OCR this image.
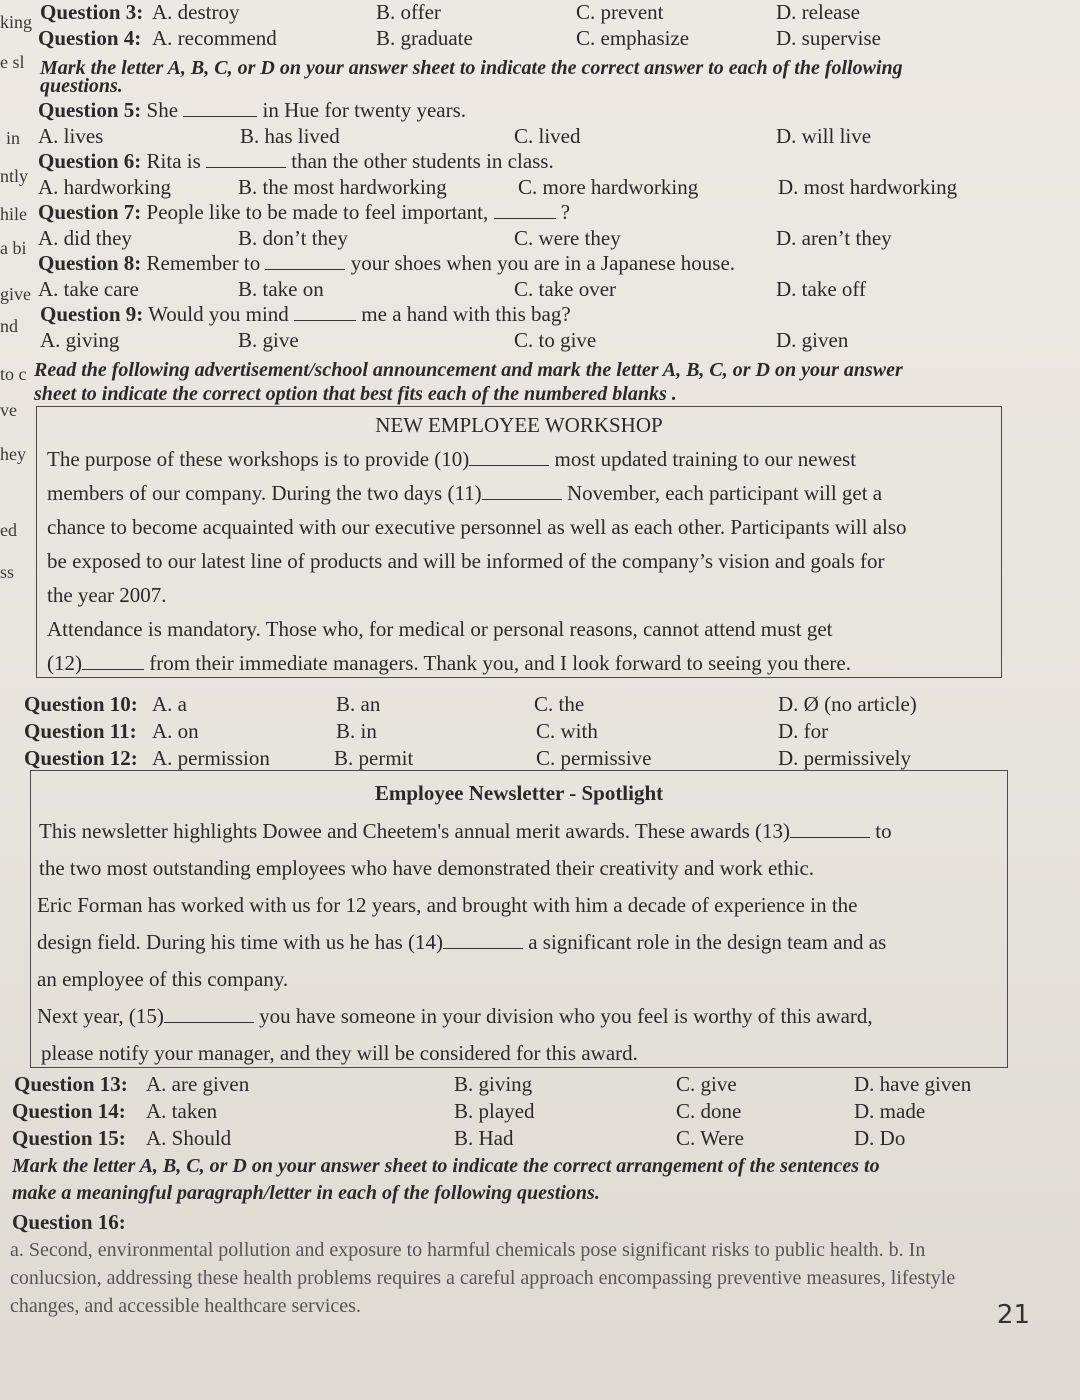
king
e sl
in
ntly
hile
a bi
give
nd
to c
ve
hey
ed
ss
Question 3: A. destroy	B. offer	C. prevent	D. release
Question 4: A. recommend	B. graduate	C. emphasize	D. supervise
Mark the letter A, B, C, or D on your answer sheet to indicate the correct answer to each of the following
questions.
Question 5: She	in Hue for twenty years.
A. lives	B. has lived	C. lived	D. will live
Question 6: Rita is	than the other students in class.
A. hardworking	B. the most hardworking	C. more hardworking	D. most hardworking
Question 7: People like to be made to feel important,	?
A. did they	B. don’t they	C. were they	D. aren’t they
Question 8: Remember to	your shoes when you are in a Japanese house.
A. take care	B. take on	C. take over	D. take off
Question 9: Would you mind	me a hand with this bag?
A. giving	B. give	C. to give	D. given
Read the following advertisement/school announcement and mark the letter A, B, C, or D on your answer
sheet to indicate the correct option that best fits each of the numbered blanks .
NEW EMPLOYEE WORKSHOP
The purpose of these workshops is to provide (10)	most updated training to our newest
members of our company. During the two days (11)	November, each participant will get a
chance to become acquainted with our executive personnel as well as each other. Participants will also
be exposed to our latest line of products and will be informed of the company’s vision and goals for
the year 2007.
Attendance is mandatory. Those who, for medical or personal reasons, cannot attend must get
(12)	from their immediate managers. Thank you, and I look forward to seeing you there.
Question 10: A. a	B. an	C. the	D. Ø (no article)
Question 11: A. on	B. in	C. with	D. for
Question 12: A. permission	B. permit	C. permissive	D. permissively
Employee Newsletter - Spotlight
This newsletter highlights Dowee and Cheetem's annual merit awards. These awards (13)	to
the two most outstanding employees who have demonstrated their creativity and work ethic.
Eric Forman has worked with us for 12 years, and brought with him a decade of experience in the
design field. During his time with us he has (14)	a significant role in the design team and as
an employee of this company.
Next year, (15)	you have someone in your division who you feel is worthy of this award,
please notify your manager, and they will be considered for this award.
Question 13: A. are given	B. giving	C. give	D. have given
Question 14: A. taken	B. played	C. done	D. made
Question 15: A. Should	B. Had	C. Were	D. Do
Mark the letter A, B, C, or D on your answer sheet to indicate the correct arrangement of the sentences to
make a meaningful paragraph/letter in each of the following questions.
Question 16:
a. Second, environmental pollution and exposure to harmful chemicals pose significant risks to public health. b. In conlucsion, addressing these health problems requires a careful approach encompassing preventive measures, lifestyle changes, and accessible healthcare services.	21
